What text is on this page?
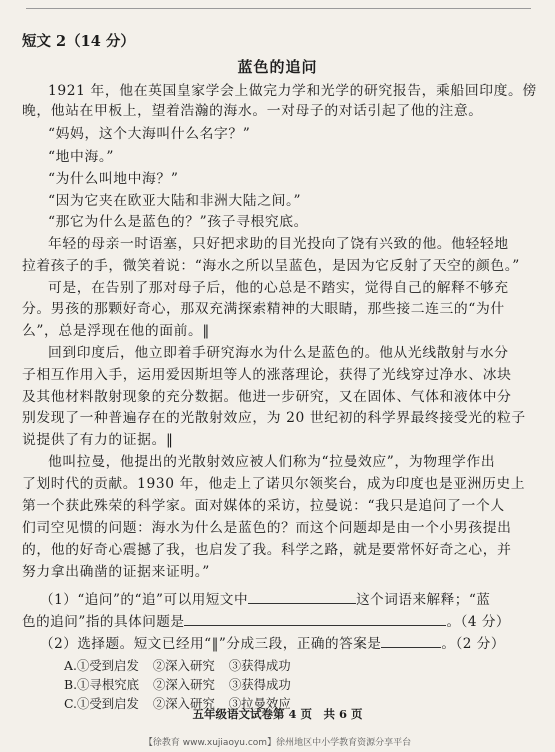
短文 2（14 分）
蓝色的追问
1921 年，他在英国皇家学会上做完力学和光学的研究报告，乘船回印度。傍
晚，他站在甲板上，望着浩瀚的海水。一对母子的对话引起了他的注意。
“妈妈，这个大海叫什么名字？”
“地中海。”
“为什么叫地中海？”
“因为它夹在欧亚大陆和非洲大陆之间。”
“那它为什么是蓝色的？”孩子寻根究底。
年轻的母亲一时语塞，只好把求助的目光投向了饶有兴致的他。他轻轻地
拉着孩子的手，微笑着说：“海水之所以呈蓝色，是因为它反射了天空的颜色。”
可是，在告别了那对母子后，他的心总是不踏实，觉得自己的解释不够充
分。男孩的那颗好奇心，那双充满探索精神的大眼睛，那些接二连三的“为什
么”，总是浮现在他的面前。‖
回到印度后，他立即着手研究海水为什么是蓝色的。他从光线散射与水分
子相互作用入手，运用爱因斯坦等人的涨落理论，获得了光线穿过净水、冰块
及其他材料散射现象的充分数据。他进一步研究，又在固体、气体和液体中分
别发现了一种普遍存在的光散射效应，为 20 世纪初的科学界最终接受光的粒子
说提供了有力的证据。‖
他叫拉曼，他提出的光散射效应被人们称为“拉曼效应”，为物理学作出
了划时代的贡献。1930 年，他走上了诺贝尔领奖台，成为印度也是亚洲历史上
第一个获此殊荣的科学家。面对媒体的采访，拉曼说：“我只是追问了一个人
们司空见惯的问题：海水为什么是蓝色的？而这个问题却是由一个小男孩提出
的，他的好奇心震撼了我，也启发了我。科学之路，就是要常怀好奇之心，并
努力拿出确凿的证据来证明。”
（1）“追问”的“追”可以用短文中	这个词语来解释；“蓝
色的追问”指的具体问题是	。（4 分）
（2）选择题。短文已经用“‖”分成三段，正确的答案是	。（2 分）
A.①受到启发 ②深入研究 ③获得成功
B.①寻根究底 ②深入研究 ③获得成功
C.①受到启发 ②深入研究 ③拉曼效应
五年级语文试卷第 4 页　共 6 页
【徐教育 www.xujiaoyu.com】徐州地区中小学教育资源分享平台
